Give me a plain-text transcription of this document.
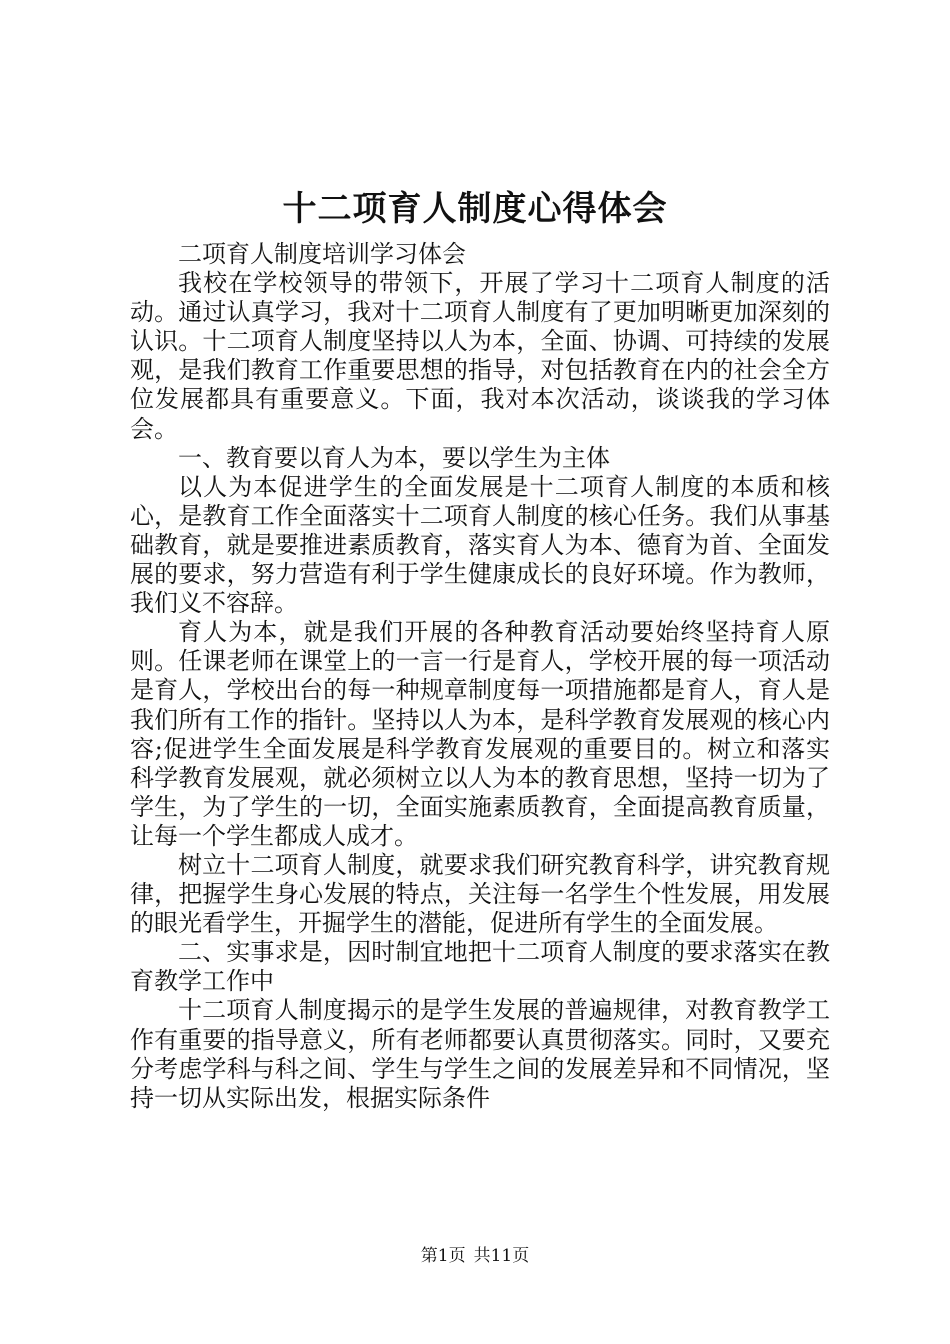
十二项育人制度心得体会

二项育人制度培训学习体会

我校在学校领导的带领下，开展了学习十二项育人制度的活动。通过认真学习，我对十二项育人制度有了更加明晰更加深刻的认识。十二项育人制度坚持以人为本，全面、协调、可持续的发展观，是我们教育工作重要思想的指导，对包括教育在内的社会全方位发展都具有重要意义。下面，我对本次活动，谈谈我的学习体会。

一、教育要以育人为本，要以学生为主体

以人为本促进学生的全面发展是十二项育人制度的本质和核心，是教育工作全面落实十二项育人制度的核心任务。我们从事基础教育，就是要推进素质教育，落实育人为本、德育为首、全面发展的要求，努力营造有利于学生健康成长的良好环境。作为教师，我们义不容辞。

育人为本，就是我们开展的各种教育活动要始终坚持育人原则。任课老师在课堂上的一言一行是育人，学校开展的每一项活动是育人，学校出台的每一种规章制度每一项措施都是育人，育人是我们所有工作的指针。坚持以人为本，是科学教育发展观的核心内容;促进学生全面发展是科学教育发展观的重要目的。树立和落实科学教育发展观，就必须树立以人为本的教育思想，坚持一切为了学生，为了学生的一切，全面实施素质教育，全面提高教育质量，让每一个学生都成人成才。

树立十二项育人制度，就要求我们研究教育科学，讲究教育规律，把握学生身心发展的特点，关注每一名学生个性发展，用发展的眼光看学生，开掘学生的潜能，促进所有学生的全面发展。

二、实事求是，因时制宜地把十二项育人制度的要求落实在教育教学工作中

十二项育人制度揭示的是学生发展的普遍规律，对教育教学工作有重要的指导意义，所有老师都要认真贯彻落实。同时，又要充分考虑学科与科之间、学生与学生之间的发展差异和不同情况，坚持一切从实际出发，根据实际条件

第1页 共11页
